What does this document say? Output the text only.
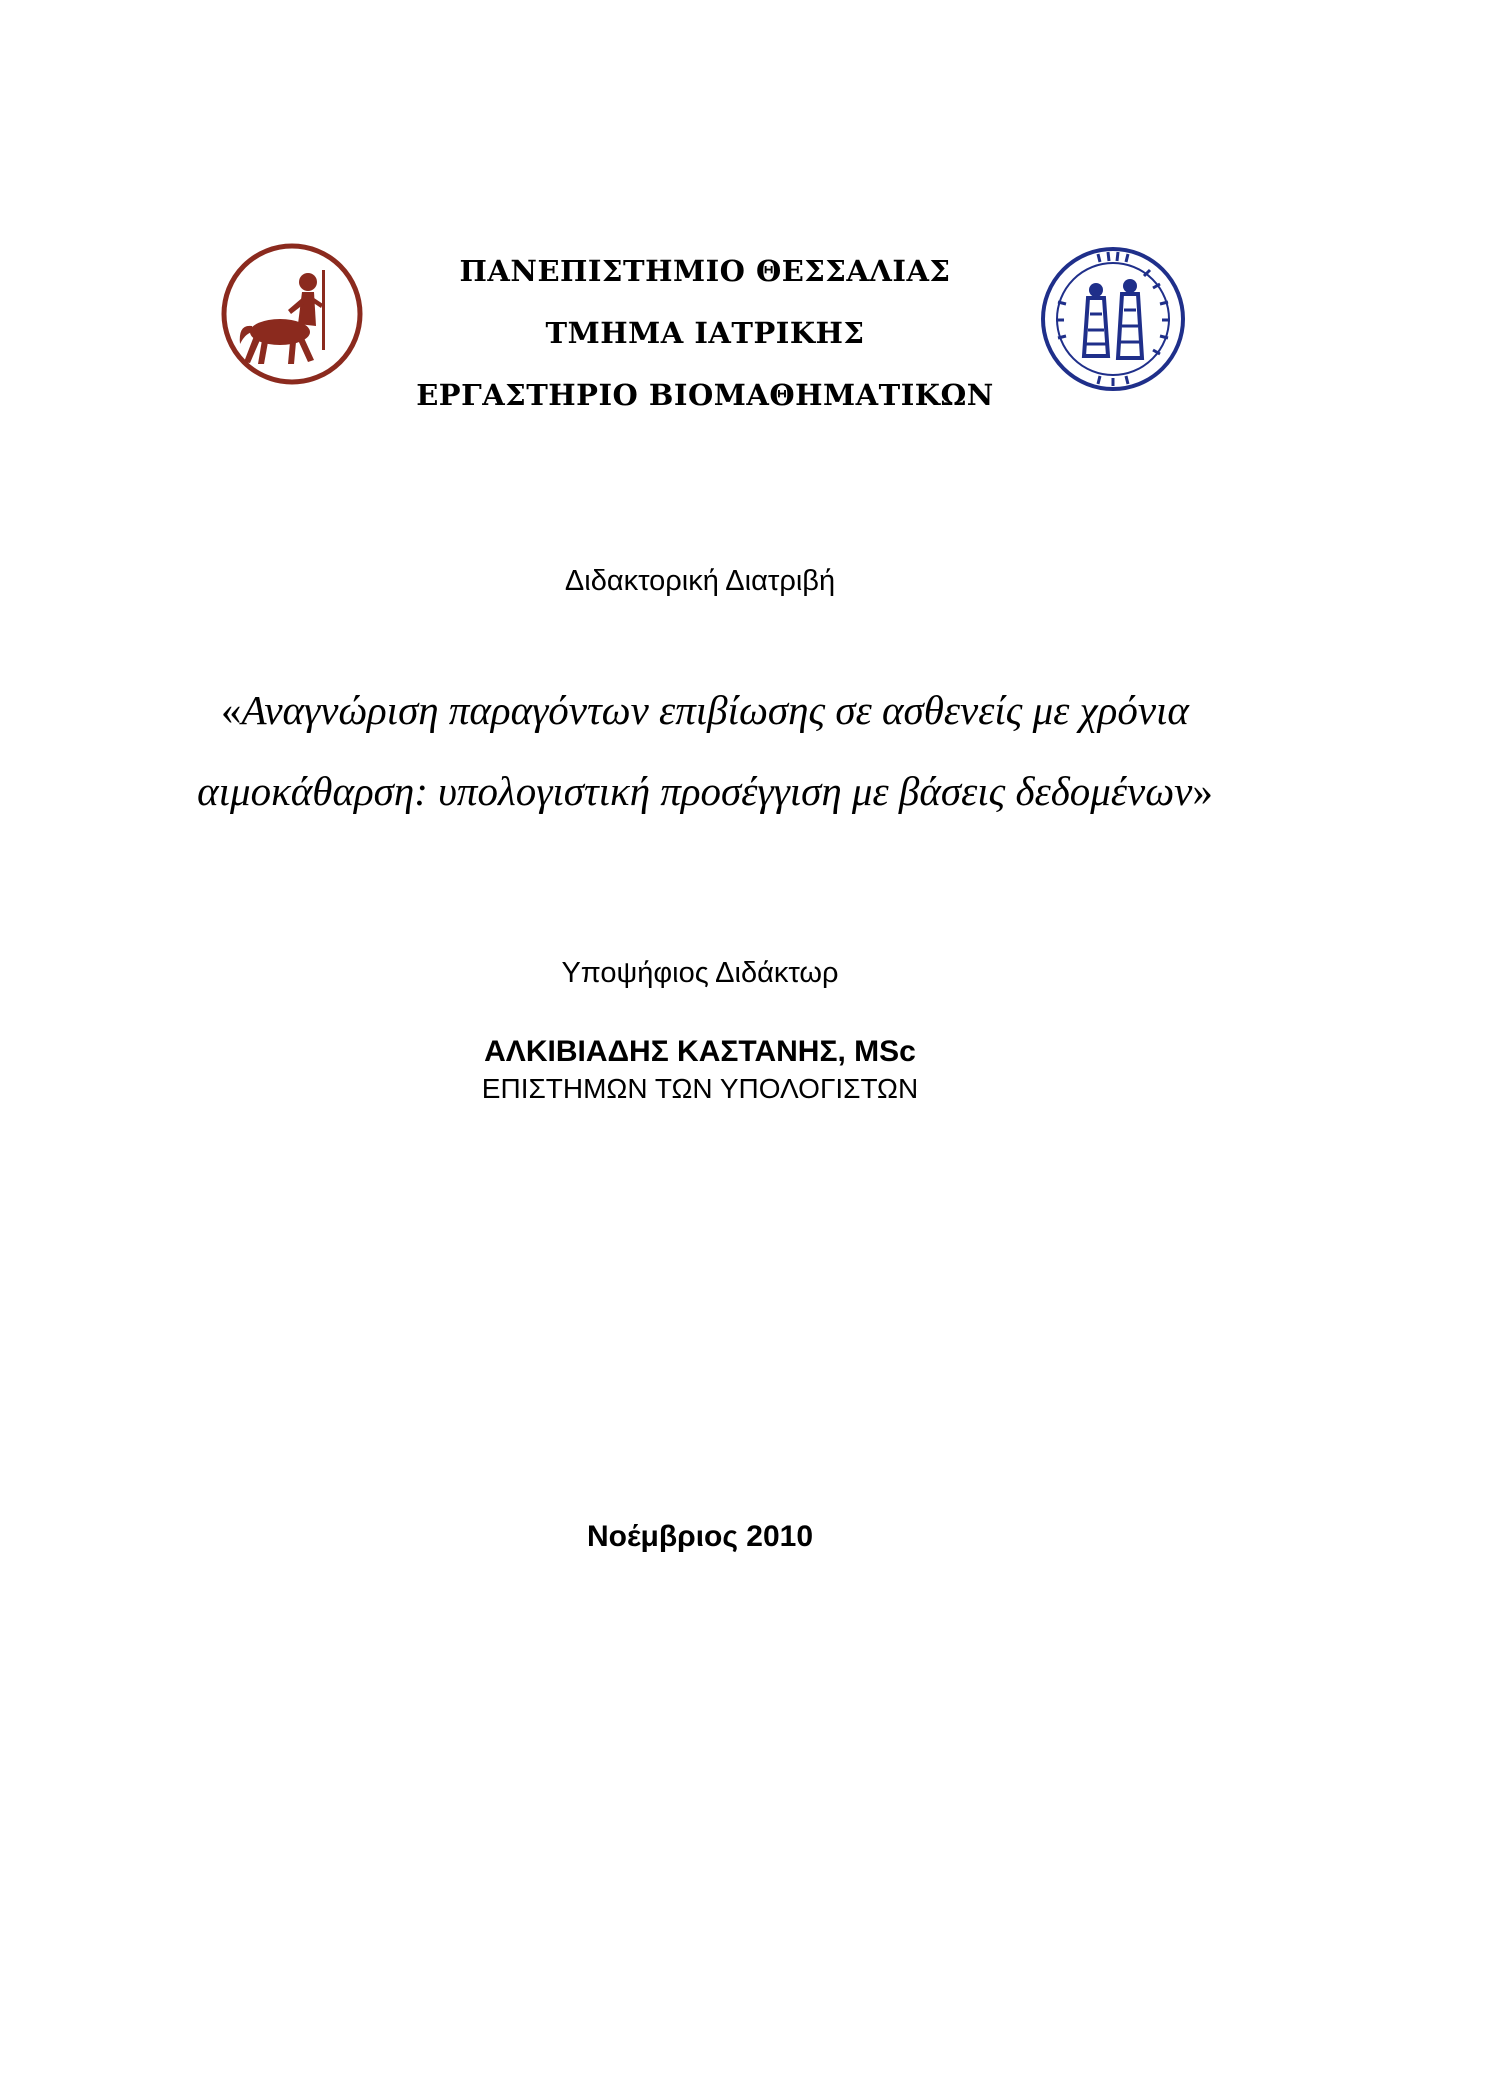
ΠΑΝΕΠΙΣΤΗΜΙΟ ΘΕΣΣΑΛΙΑΣ
ΤΜΗΜΑ ΙΑΤΡΙΚΗΣ
ΕΡΓΑΣΤΗΡΙΟ ΒΙΟΜΑΘΗΜΑΤΙΚΩΝ
Διδακτορική Διατριβή
«Αναγνώριση παραγόντων επιβίωσης σε ασθενείς με χρόνια
αιμοκάθαρση: υπολογιστική προσέγγιση με βάσεις δεδομένων»
Υποψήφιος Διδάκτωρ
ΑΛΚΙΒΙΑΔΗΣ ΚΑΣΤΑΝΗΣ, MSc
ΕΠΙΣΤΗΜΩΝ ΤΩΝ ΥΠΟΛΟΓΙΣΤΩΝ
Νοέμβριος 2010
